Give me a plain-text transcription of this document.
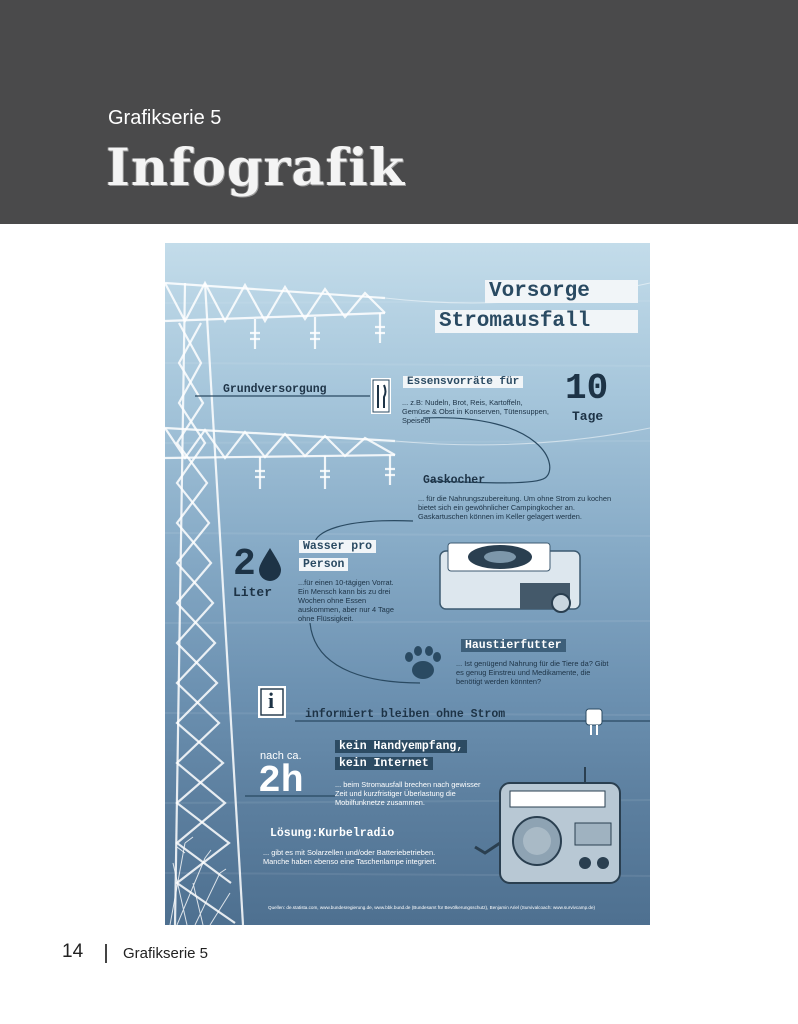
Grafikserie 5
Infografik

Vorsorge

Stromausfall

Grundversorgung

Essensvorräte für

... z.B: Nudeln, Brot, Reis, Kartoffeln, Gemüse & Obst in Konserven, Tütensuppen, Speiseöl

10

Tage

Gaskocher

... für die Nahrungszubereitung. Um ohne Strom zu kochen bietet sich ein gewöhnlicher Campingkocher an. Gaskartuschen können im Keller gelagert werden.

2

Liter

Wasser pro

Person

...für einen 10-tägigen Vorrat. Ein Mensch kann bis zu drei Wochen ohne Essen auskommen, aber nur 4 Tage ohne Flüssigkeit.

Haustierfutter

... Ist genügend Nahrung für die Tiere da? Gibt es genug Einstreu und Medikamente, die benötigt werden könnten?

i

informiert bleiben ohne Strom

nach ca.

2h

kein Handyempfang,

kein Internet

... beim Stromausfall brechen nach gewisser Zeit und kurzfristiger Überlastung die Mobilfunknetze zusammen.

Lösung:Kurbelradio

... gibt es mit Solarzellen und/oder Batteriebetrieben. Manche haben ebenso eine Taschenlampe integriert.

Quellen: de.statista.com, www.bundesregierung.de, www.bbk.bund.de (Bundesamt für Bevölkerungsschutz), Benjamin Ariel (Survivalcoach: www.survivcamp.de)

14	Grafikserie 5
